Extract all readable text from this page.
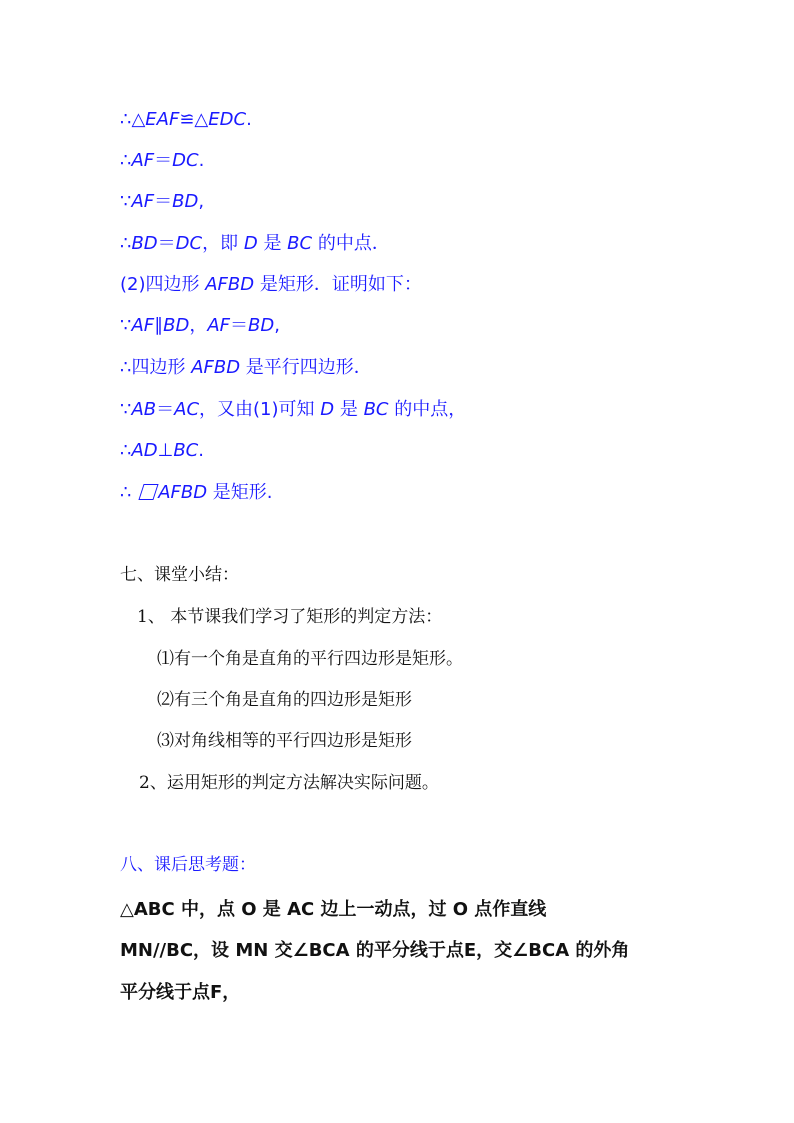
∴△EAF≌△EDC.
∴AF＝DC.
∵AF＝BD,
∴BD＝DC，即 D 是 BC 的中点．
(2)四边形 AFBD 是矩形．证明如下：
∵AF∥BD，AF＝BD,
∴四边形 AFBD 是平行四边形．
∵AB＝AC，又由(1)可知 D 是 BC 的中点，
∴AD⊥BC.
∴ AFBD 是矩形.
七、课堂小结：
1、 本节课我们学习了矩形的判定方法：
⑴有一个角是直角的平行四边形是矩形。
⑵有三个角是直角的四边形是矩形
⑶对角线相等的平行四边形是矩形
2、运用矩形的判定方法解决实际问题。
八、课后思考题：
△ABC 中，点 O 是 AC 边上一动点，过 O 点作直线
MN//BC，设 MN 交∠BCA 的平分线于点E，交∠BCA 的外角
平分线于点F，
